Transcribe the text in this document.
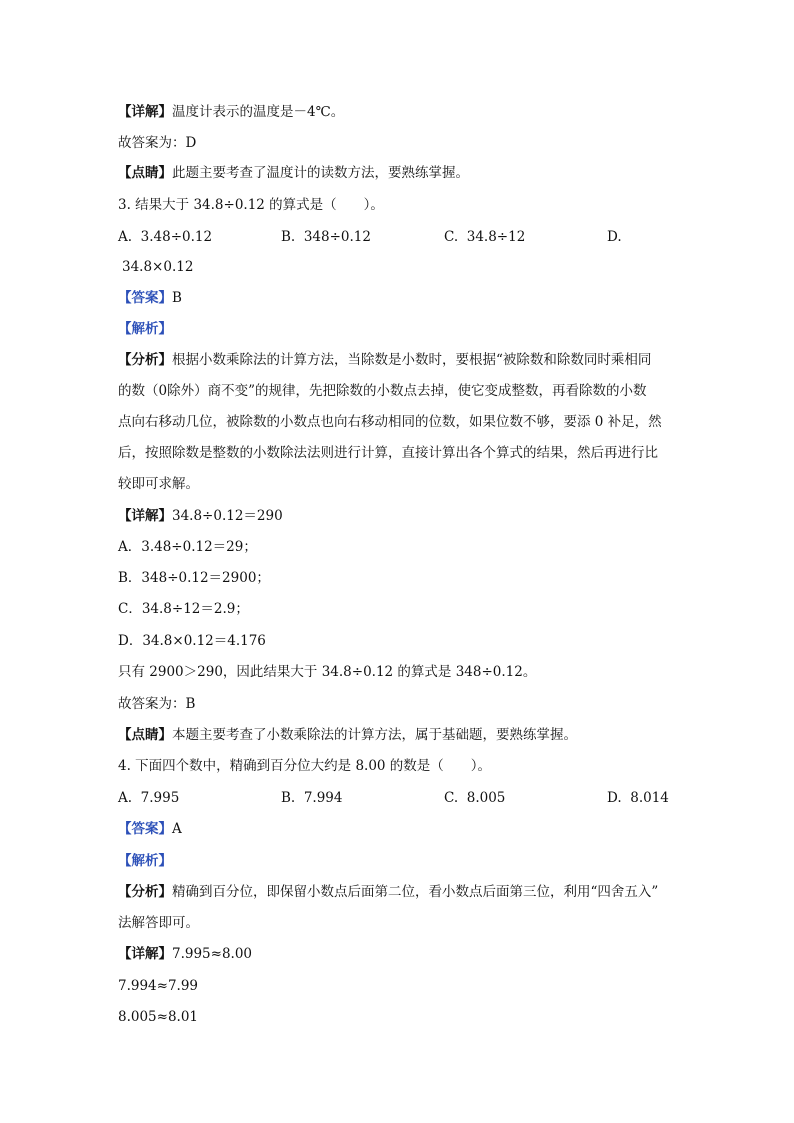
【详解】温度计表示的温度是－4℃。
故答案为：D
【点睛】此题主要考查了温度计的读数方法，要熟练掌握。
3. 结果大于 34.8÷0.12 的算式是（　　）。
A. 3.48÷0.12	B. 348÷0.12	C. 34.8÷12	D.
34.8×0.12
【答案】B
【解析】
【分析】根据小数乘除法的计算方法，当除数是小数时，要根据“被除数和除数同时乘相同
的数（0除外）商不变”的规律，先把除数的小数点去掉，使它变成整数，再看除数的小数
点向右移动几位，被除数的小数点也向右移动相同的位数，如果位数不够，要添 0 补足，然
后，按照除数是整数的小数除法法则进行计算，直接计算出各个算式的结果，然后再进行比
较即可求解。
【详解】34.8÷0.12＝290
A．3.48÷0.12＝29；
B．348÷0.12＝2900；
C．34.8÷12＝2.9；
D．34.8×0.12＝4.176
只有 2900＞290，因此结果大于 34.8÷0.12 的算式是 348÷0.12。
故答案为：B
【点睛】本题主要考查了小数乘除法的计算方法，属于基础题，要熟练掌握。
4. 下面四个数中，精确到百分位大约是 8.00 的数是（　　）。
A. 7.995	B. 7.994	C. 8.005	D. 8.014
【答案】A
【解析】
【分析】精确到百分位，即保留小数点后面第二位，看小数点后面第三位，利用“四舍五入”
法解答即可。
【详解】7.995≈8.00
7.994≈7.99
8.005≈8.01
